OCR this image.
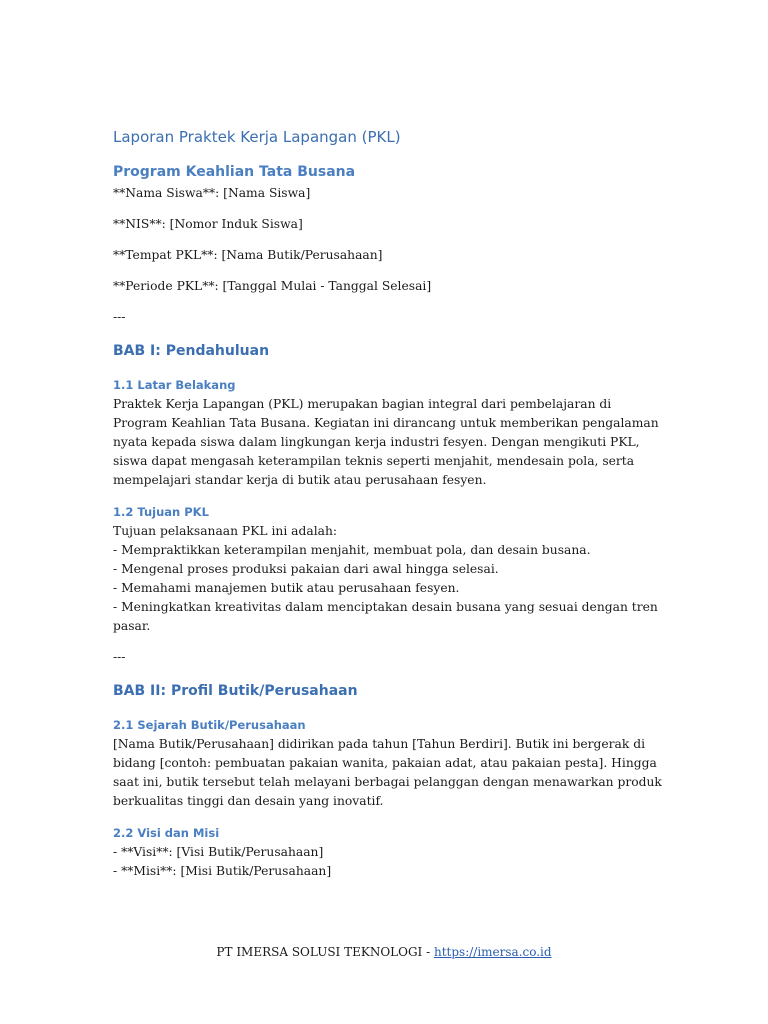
Laporan Praktek Kerja Lapangan (PKL)
Program Keahlian Tata Busana

**Nama Siswa**: [Nama Siswa]

**NIS**: [Nomor Induk Siswa]

**Tempat PKL**: [Nama Butik/Perusahaan]

**Periode PKL**: [Tanggal Mulai - Tanggal Selesai]

---

BAB I: Pendahuluan
1.1 Latar Belakang

Praktek Kerja Lapangan (PKL) merupakan bagian integral dari pembelajaran di Program Keahlian Tata Busana. Kegiatan ini dirancang untuk memberikan pengalaman nyata kepada siswa dalam lingkungan kerja industri fesyen. Dengan mengikuti PKL, siswa dapat mengasah keterampilan teknis seperti menjahit, mendesain pola, serta mempelajari standar kerja di butik atau perusahaan fesyen.

1.2 Tujuan PKL

Tujuan pelaksanaan PKL ini adalah:

- Mempraktikkan keterampilan menjahit, membuat pola, dan desain busana.

- Mengenal proses produksi pakaian dari awal hingga selesai.

- Memahami manajemen butik atau perusahaan fesyen.

- Meningkatkan kreativitas dalam menciptakan desain busana yang sesuai dengan tren pasar.

---

BAB II: Profil Butik/Perusahaan
2.1 Sejarah Butik/Perusahaan

[Nama Butik/Perusahaan] didirikan pada tahun [Tahun Berdiri]. Butik ini bergerak di bidang [contoh: pembuatan pakaian wanita, pakaian adat, atau pakaian pesta]. Hingga saat ini, butik tersebut telah melayani berbagai pelanggan dengan menawarkan produk berkualitas tinggi dan desain yang inovatif.

2.2 Visi dan Misi

- **Visi**: [Visi Butik/Perusahaan]

- **Misi**: [Misi Butik/Perusahaan]

PT IMERSA SOLUSI TEKNOLOGI - https://imersa.co.id
